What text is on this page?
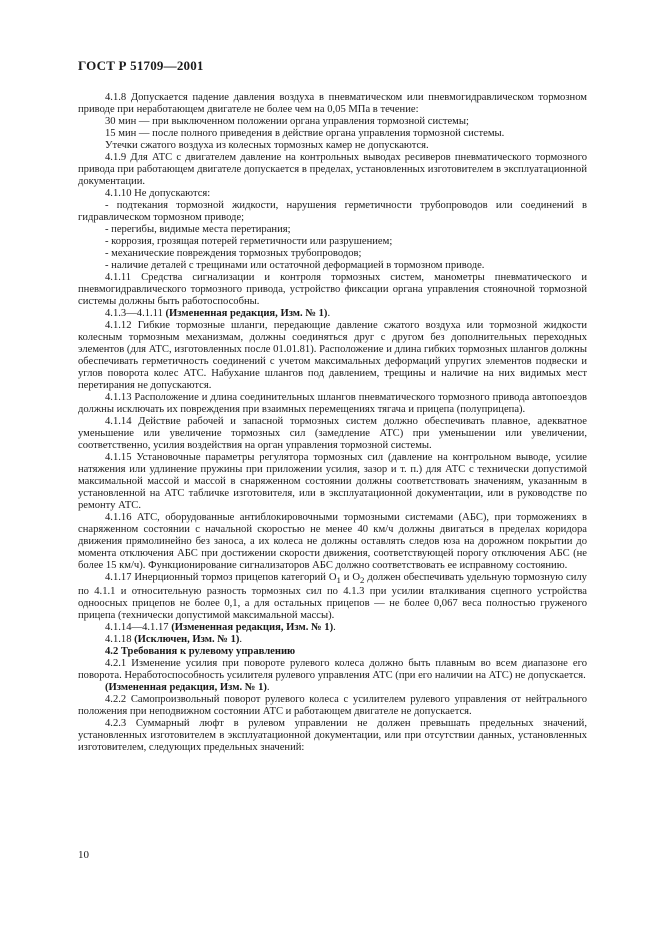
ГОСТ Р 51709—2001

4.1.8 Допускается падение давления воздуха в пневматическом или пневмогидравлическом тормозном приводе при неработающем двигателе не более чем на 0,05 МПа в течение:

30 мин — при выключенном положении органа управления тормозной системы;

15 мин — после полного приведения в действие органа управления тормозной системы.

Утечки сжатого воздуха из колесных тормозных камер не допускаются.

4.1.9 Для АТС с двигателем давление на контрольных выводах ресиверов пневматического тормозного привода при работающем двигателе допускается в пределах, установленных изготовителем в эксплуатационной документации.

4.1.10 Не допускаются:

- подтекания тормозной жидкости, нарушения герметичности трубопроводов или соединений в гидравлическом тормозном приводе;

- перегибы, видимые места перетирания;

- коррозия, грозящая потерей герметичности или разрушением;

- механические повреждения тормозных трубопроводов;

- наличие деталей с трещинами или остаточной деформацией в тормозном приводе.

4.1.11 Средства сигнализации и контроля тормозных систем, манометры пневматического и пневмогидравлического тормозного привода, устройство фиксации органа управления стояночной тормозной системы должны быть работоспособны.

4.1.3—4.1.11 (Измененная редакция, Изм. № 1).

4.1.12 Гибкие тормозные шланги, передающие давление сжатого воздуха или тормозной жидкости колесным тормозным механизмам, должны соединяться друг с другом без дополнительных переходных элементов (для АТС, изготовленных после 01.01.81). Расположение и длина гибких тормозных шлангов должны обеспечивать герметичность соединений с учетом максимальных деформаций упругих элементов подвески и углов поворота колес АТС. Набухание шлангов под давлением, трещины и наличие на них видимых мест перетирания не допускаются.

4.1.13 Расположение и длина соединительных шлангов пневматического тормозного привода автопоездов должны исключать их повреждения при взаимных перемещениях тягача и прицепа (полуприцепа).

4.1.14 Действие рабочей и запасной тормозных систем должно обеспечивать плавное, адекватное уменьшение или увеличение тормозных сил (замедление АТС) при уменьшении или увеличении, соответственно, усилия воздействия на орган управления тормозной системы.

4.1.15 Установочные параметры регулятора тормозных сил (давление на контрольном выводе, усилие натяжения или удлинение пружины при приложении усилия, зазор и т. п.) для АТС с технически допустимой максимальной массой и массой в снаряженном состоянии должны соответствовать значениям, указанным в установленной на АТС табличке изготовителя, или в эксплуатационной документации, или в руководстве по ремонту АТС.

4.1.16 АТС, оборудованные антиблокировочными тормозными системами (АБС), при торможениях в снаряженном состоянии с начальной скоростью не менее 40 км/ч должны двигаться в пределах коридора движения прямолинейно без заноса, а их колеса не должны оставлять следов юза на дорожном покрытии до момента отключения АБС при достижении скорости движения, соответствующей порогу отключения АБС (не более 15 км/ч). Функционирование сигнализаторов АБС должно соответствовать ее исправному состоянию.

4.1.17 Инерционный тормоз прицепов категорий $O_1$ и $O_2$ должен обеспечивать удельную тормозную силу по 4.1.1 и относительную разность тормозных сил по 4.1.3 при усилии вталкивания сцепного устройства одноосных прицепов не более 0,1, а для остальных прицепов — не более 0,067 веса полностью груженого прицепа (технически допустимой максимальной массы).

4.1.14—4.1.17 (Измененная редакция, Изм. № 1).

4.1.18 (Исключен, Изм. № 1).

4.2 Требования к рулевому управлению

4.2.1 Изменение усилия при повороте рулевого колеса должно быть плавным во всем диапазоне его поворота. Неработоспособность усилителя рулевого управления АТС (при его наличии на АТС) не допускается.

(Измененная редакция, Изм. № 1).

4.2.2 Самопроизвольный поворот рулевого колеса с усилителем рулевого управления от нейтрального положения при неподвижном состоянии АТС и работающем двигателе не допускается.

4.2.3 Суммарный люфт в рулевом управлении не должен превышать предельных значений, установленных изготовителем в эксплуатационной документации, или при отсутствии данных, установленных изготовителем, следующих предельных значений:

10
